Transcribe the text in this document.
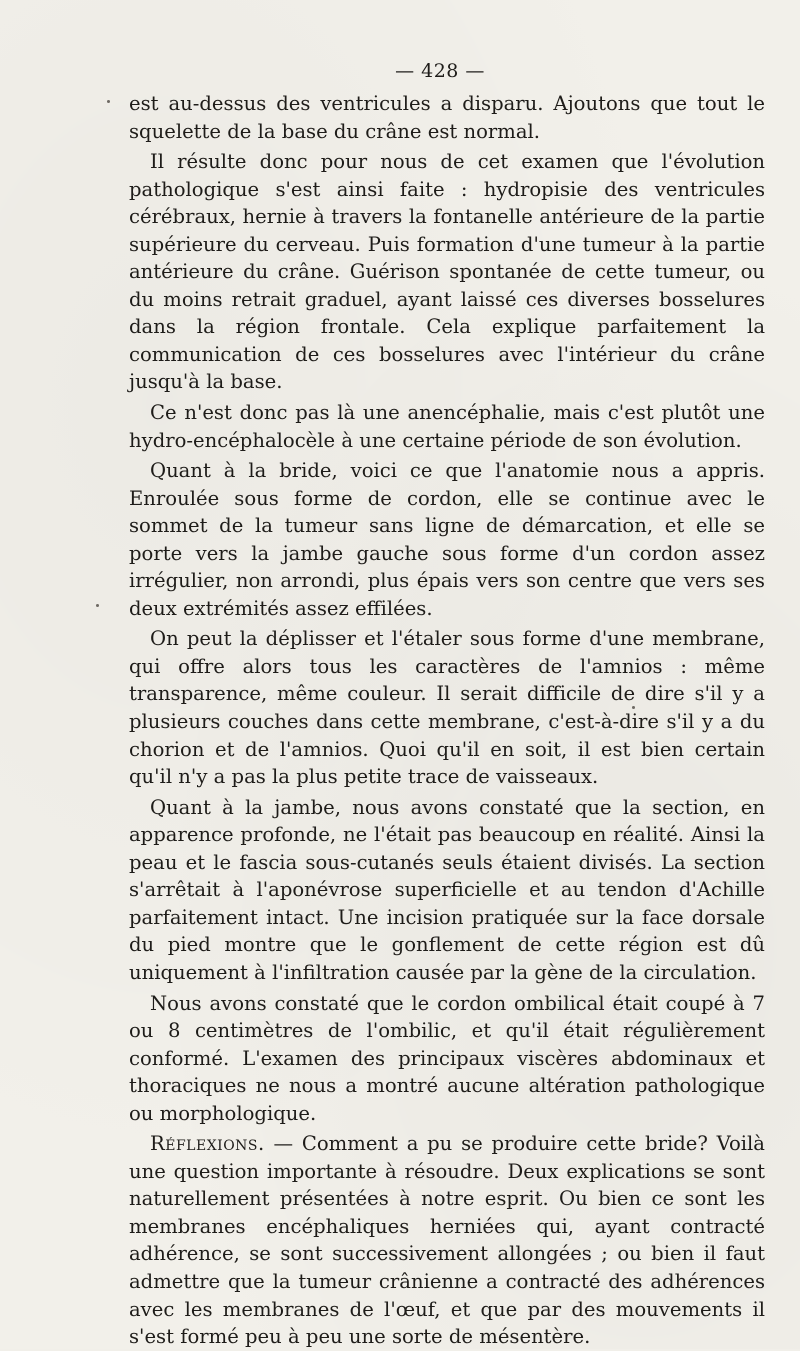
— 428 —

est au-dessus des ventricules a disparu. Ajoutons que tout le squelette de la base du crâne est normal.

Il résulte donc pour nous de cet examen que l'évolution pathologique s'est ainsi faite : hydropisie des ventricules cérébraux, hernie à travers la fontanelle antérieure de la partie supérieure du cerveau. Puis formation d'une tumeur à la partie antérieure du crâne. Guérison spontanée de cette tumeur, ou du moins retrait graduel, ayant laissé ces diverses bosselures dans la région frontale. Cela explique parfaitement la communication de ces bosselures avec l'intérieur du crâne jusqu'à la base.

Ce n'est donc pas là une anencéphalie, mais c'est plutôt une hydro-encéphalocèle à une certaine période de son évolution.

Quant à la bride, voici ce que l'anatomie nous a appris. Enroulée sous forme de cordon, elle se continue avec le sommet de la tumeur sans ligne de démarcation, et elle se porte vers la jambe gauche sous forme d'un cordon assez irrégulier, non arrondi, plus épais vers son centre que vers ses deux extrémités assez effilées.

On peut la déplisser et l'étaler sous forme d'une membrane, qui offre alors tous les caractères de l'amnios : même transparence, même couleur. Il serait difficile de dire s'il y a plusieurs couches dans cette membrane, c'est-à-dire s'il y a du chorion et de l'amnios. Quoi qu'il en soit, il est bien certain qu'il n'y a pas la plus petite trace de vaisseaux.

Quant à la jambe, nous avons constaté que la section, en apparence profonde, ne l'était pas beaucoup en réalité. Ainsi la peau et le fascia sous-cutanés seuls étaient divisés. La section s'arrêtait à l'aponévrose superficielle et au tendon d'Achille parfaitement intact. Une incision pratiquée sur la face dorsale du pied montre que le gonflement de cette région est dû uniquement à l'infiltration causée par la gène de la circulation.

Nous avons constaté que le cordon ombilical était coupé à 7 ou 8 centimètres de l'ombilic, et qu'il était régulièrement conformé. L'examen des principaux viscères abdominaux et thoraciques ne nous a montré aucune altération pathologique ou morphologique.

Réflexions. — Comment a pu se produire cette bride? Voilà une question importante à résoudre. Deux explications se sont naturellement présentées à notre esprit. Ou bien ce sont les membranes encéphaliques herniées qui, ayant contracté adhérence, se sont successivement allongées ; ou bien il faut admettre que la tumeur crânienne a contracté des adhérences avec les membranes de l'œuf, et que par des mouvements il s'est formé peu à peu une sorte de mésentère.
